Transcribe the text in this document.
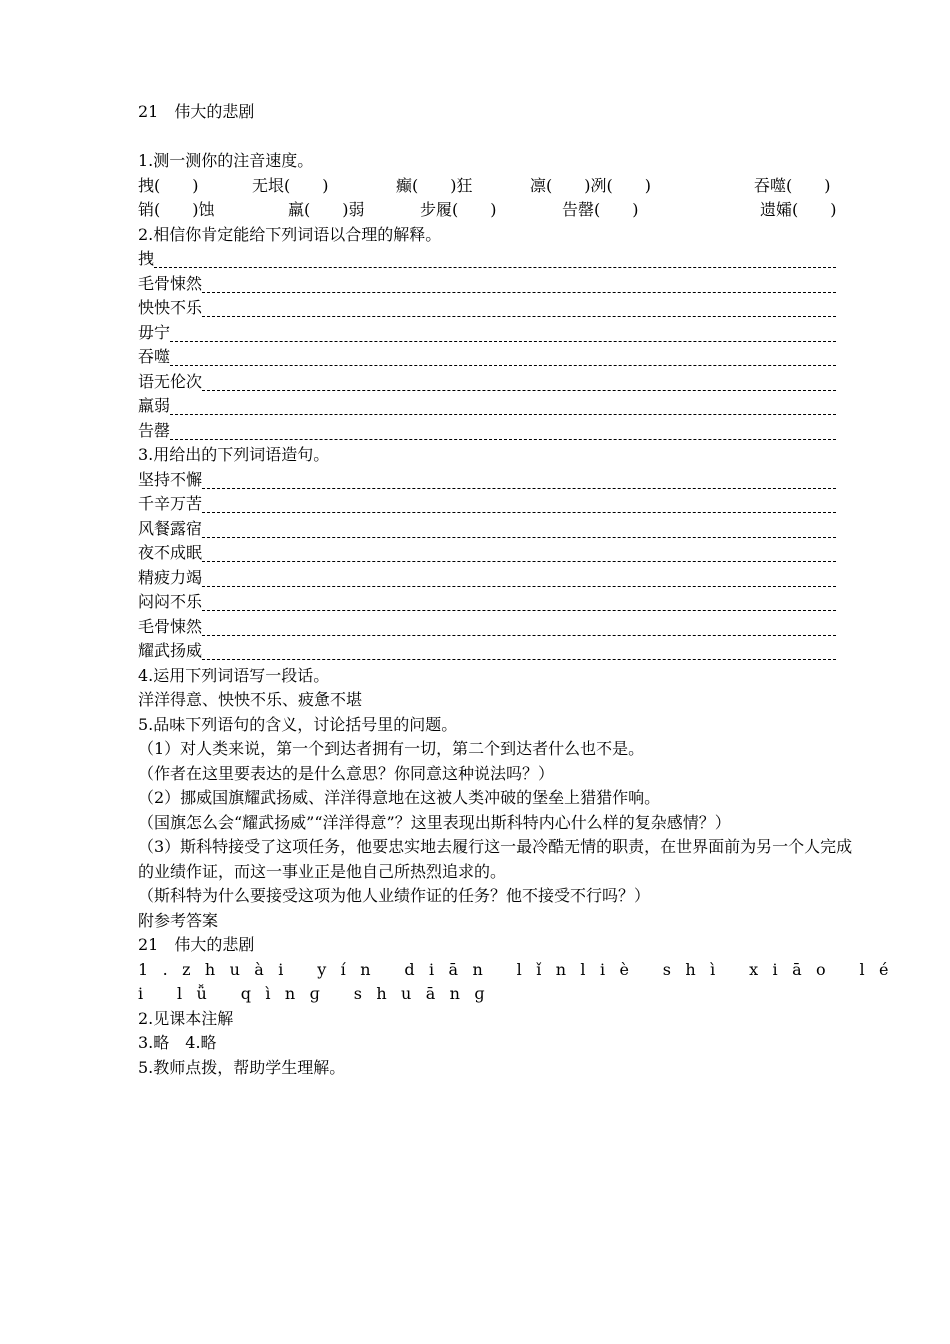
21　伟大的悲剧
1.测一测你的注音速度。
拽(　　)	无垠(　　)	癫(　　)狂	凛(　　)冽(　　)	吞噬(　　)
销(　　)蚀	羸(　　)弱	步履(　　)	告罄(　　)	遗孀(　　)
2.相信你肯定能给下列词语以合理的解释。
拽
毛骨悚然
怏怏不乐
毋宁
吞噬
语无伦次
羸弱
告罄
3.用给出的下列词语造句。
坚持不懈
千辛万苦
风餐露宿
夜不成眠
精疲力竭
闷闷不乐
毛骨悚然
耀武扬威
4.运用下列词语写一段话。
洋洋得意、怏怏不乐、疲惫不堪
5.品味下列语句的含义，讨论括号里的问题。
（1）对人类来说，第一个到达者拥有一切，第二个到达者什么也不是。
（作者在这里要表达的是什么意思？你同意这种说法吗？）
（2）挪威国旗耀武扬威、洋洋得意地在这被人类冲破的堡垒上猎猎作响。
（国旗怎么会“耀武扬威”“洋洋得意”？这里表现出斯科特内心什么样的复杂感情？）
（3）斯科特接受了这项任务，他要忠实地去履行这一最冷酷无情的职责，在世界面前为另一个人完成的业绩作证，而这一事业正是他自己所热烈追求的。
（斯科特为什么要接受这项为他人业绩作证的任务？他不接受不行吗？）
附参考答案
21　伟大的悲剧
1.zhuài yín diān lǐnliè shì xiāo lé
i lǚ qìnɡ shuānɡ
2.见课本注解
3.略　4.略
5.教师点拨，帮助学生理解。
